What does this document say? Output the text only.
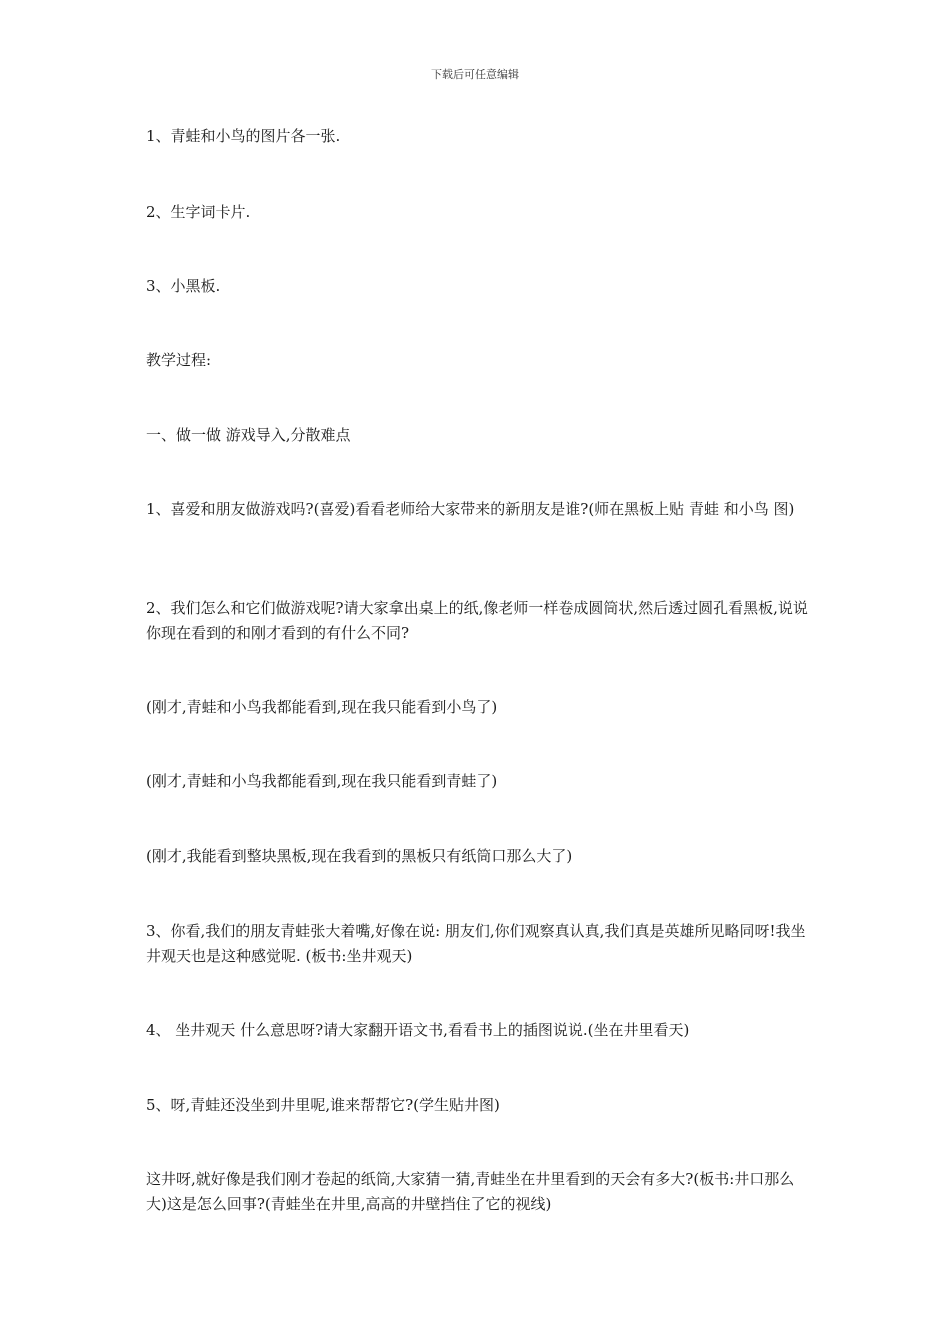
下载后可任意编辑

1、青蛙和小鸟的图片各一张.

2、生字词卡片.

3、小黑板.

教学过程:

一、做一做 游戏导入,分散难点

1、喜爱和朋友做游戏吗?(喜爱)看看老师给大家带来的新朋友是谁?(师在黑板上贴 青蛙 和小鸟 图)

2、我们怎么和它们做游戏呢?请大家拿出桌上的纸,像老师一样卷成圆筒状,然后透过圆孔看黑板,说说你现在看到的和刚才看到的有什么不同?

(刚才,青蛙和小鸟我都能看到,现在我只能看到小鸟了)

(刚才,青蛙和小鸟我都能看到,现在我只能看到青蛙了)

(刚才,我能看到整块黑板,现在我看到的黑板只有纸筒口那么大了)

3、你看,我们的朋友青蛙张大着嘴,好像在说: 朋友们,你们观察真认真,我们真是英雄所见略同呀!我坐井观天也是这种感觉呢. (板书:坐井观天)

4、 坐井观天 什么意思呀?请大家翻开语文书,看看书上的插图说说.(坐在井里看天)

5、呀,青蛙还没坐到井里呢,谁来帮帮它?(学生贴井图)

这井呀,就好像是我们刚才卷起的纸筒,大家猜一猜,青蛙坐在井里看到的天会有多大?(板书:井口那么大)这是怎么回事?(青蛙坐在井里,高高的井壁挡住了它的视线)
